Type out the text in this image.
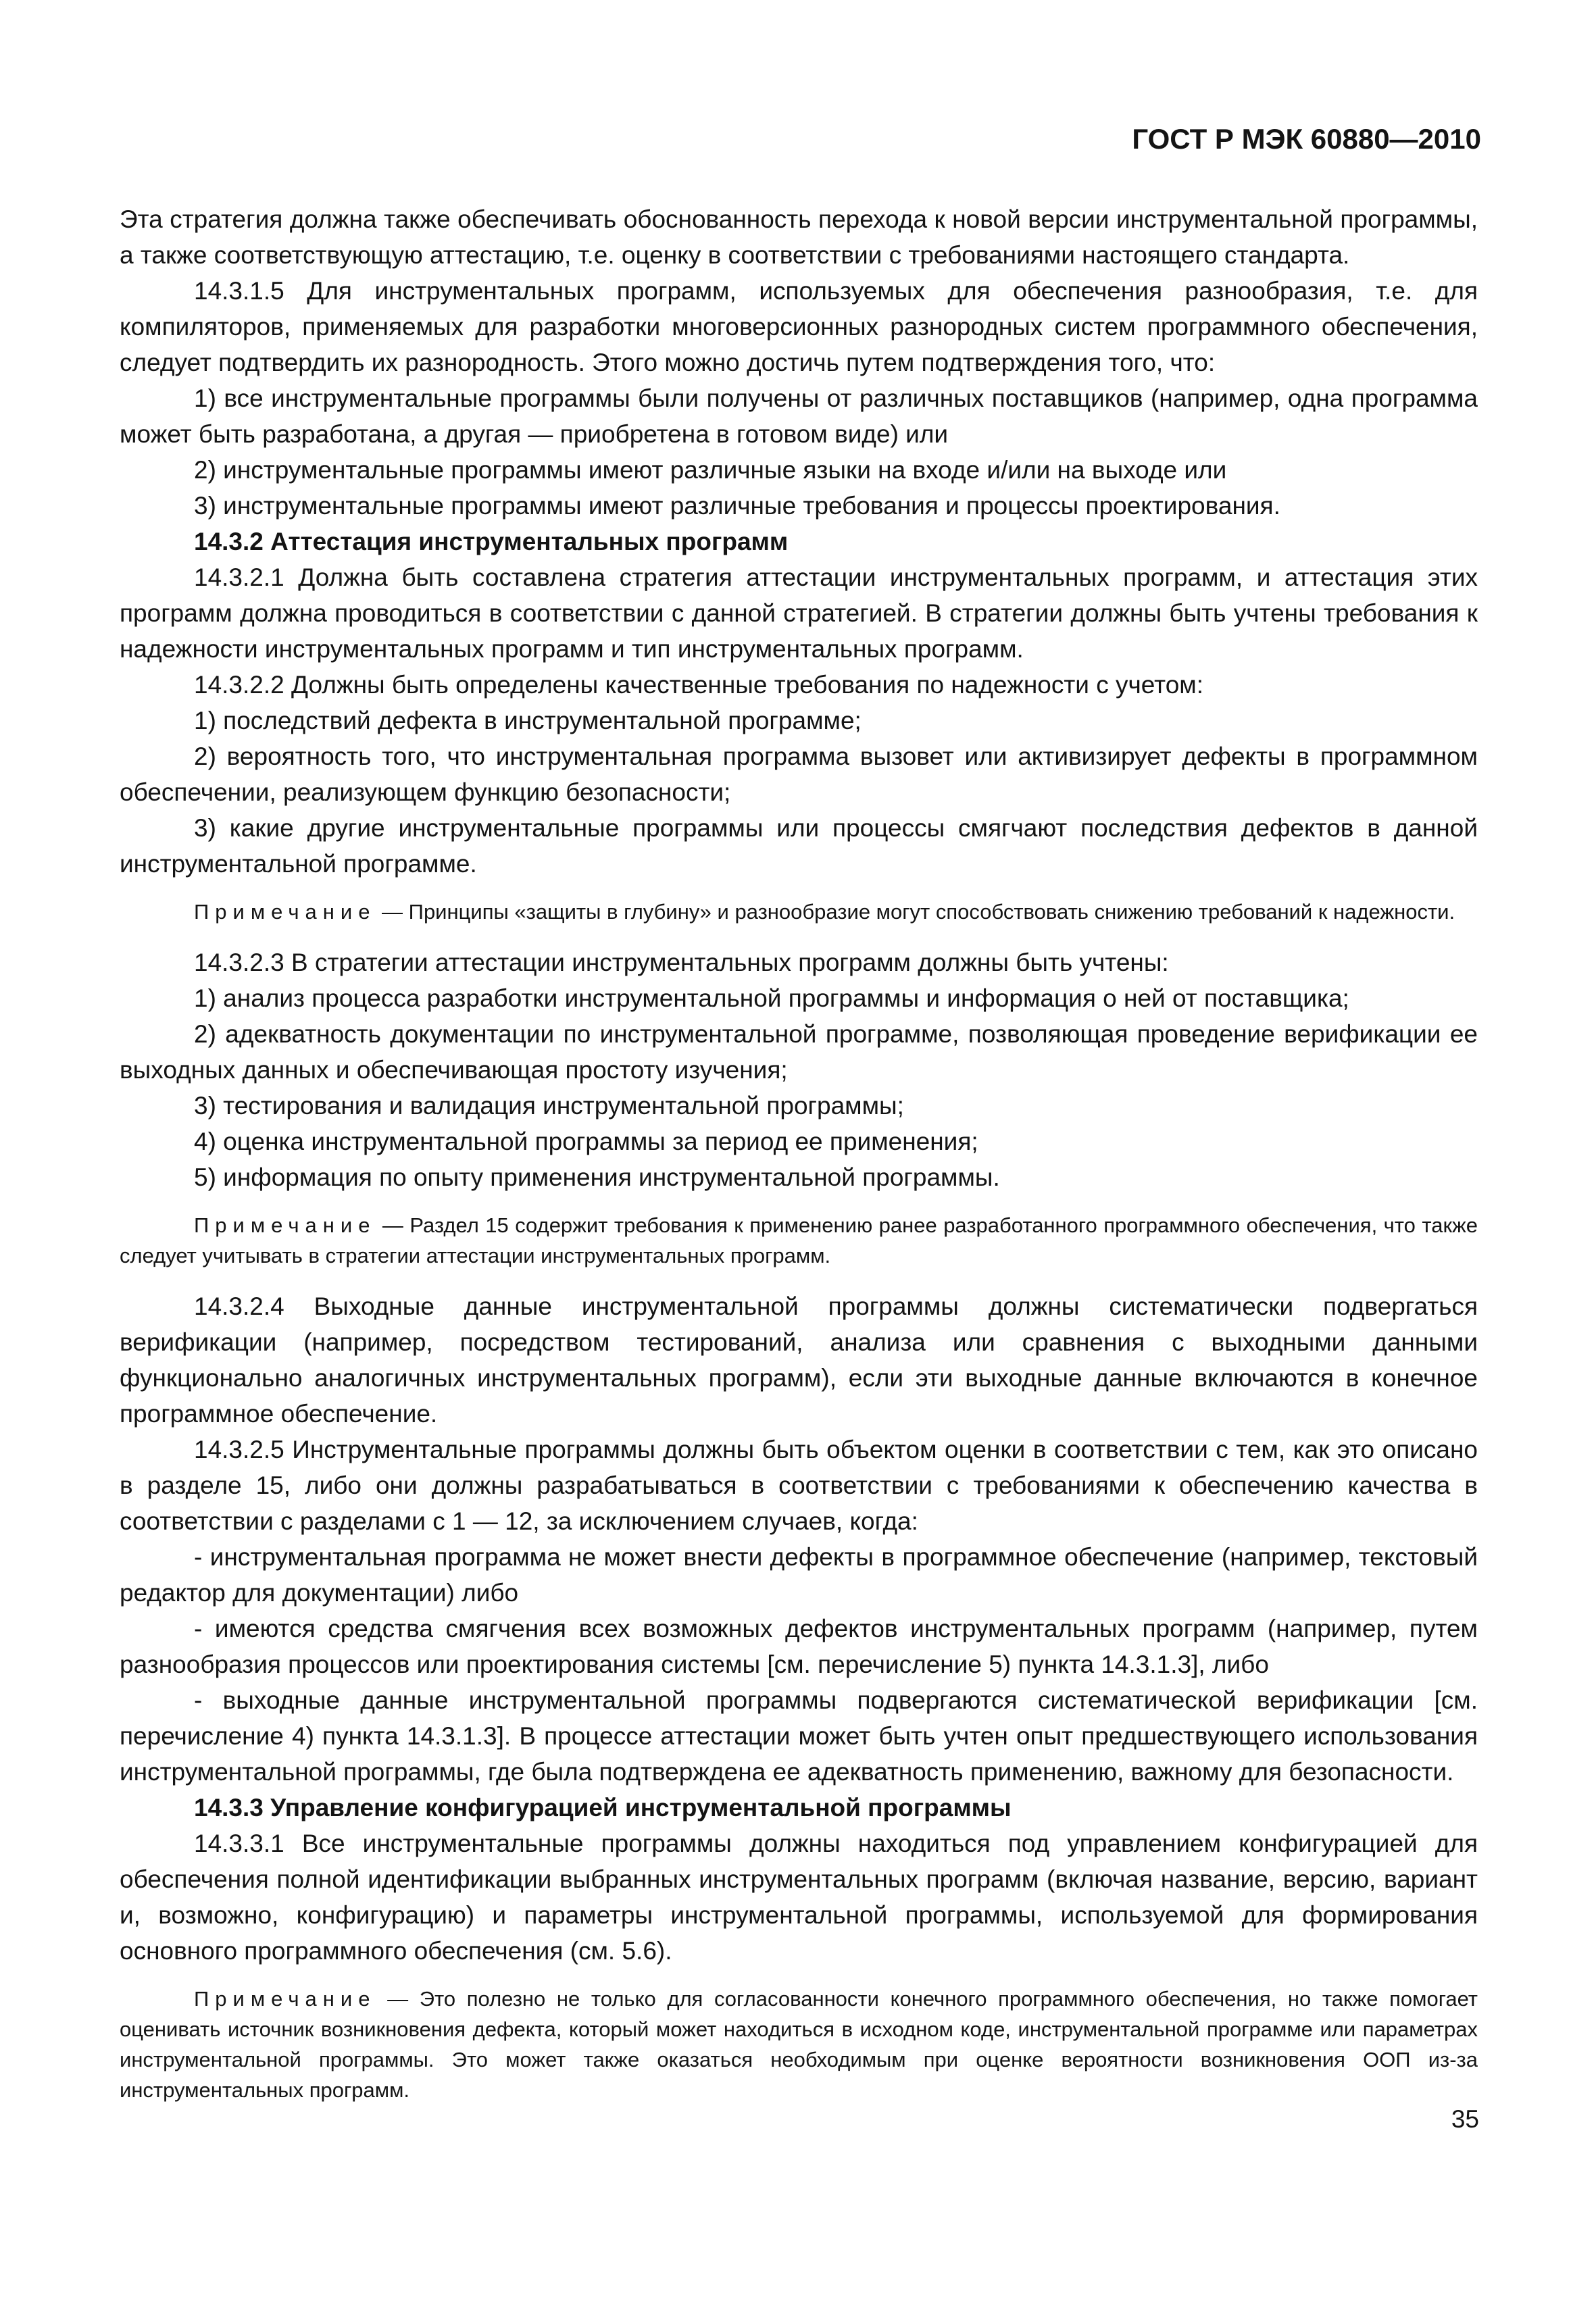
ГОСТ Р МЭК 60880—2010

Эта стратегия должна также обеспечивать обоснованность перехода к новой версии инструментальной программы, а также соответствующую аттестацию, т.е. оценку в соответствии с требованиями настоящего стандарта.

14.3.1.5 Для инструментальных программ, используемых для обеспечения разнообразия, т.е. для компиляторов, применяемых для разработки многоверсионных разнородных систем программного обеспечения, следует подтвердить их разнородность. Этого можно достичь путем подтверждения того, что:

1) все инструментальные программы были получены от различных поставщиков (например, одна программа может быть разработана, а другая — приобретена в готовом виде) или

2) инструментальные программы имеют различные языки на входе и/или на выходе или

3) инструментальные программы имеют различные требования и процессы проектирования.

14.3.2 Аттестация инструментальных программ

14.3.2.1 Должна быть составлена стратегия аттестации инструментальных программ, и аттестация этих программ должна проводиться в соответствии с данной стратегией. В стратегии должны быть учтены требования к надежности инструментальных программ и тип инструментальных программ.

14.3.2.2 Должны быть определены качественные требования по надежности с учетом:

1) последствий дефекта в инструментальной программе;

2) вероятность того, что инструментальная программа вызовет или активизирует дефекты в программном обеспечении, реализующем функцию безопасности;

3) какие другие инструментальные программы или процессы смягчают последствия дефектов в данной инструментальной программе.

Примечание — Принципы «защиты в глубину» и разнообразие могут способствовать снижению требований к надежности.

14.3.2.3 В стратегии аттестации инструментальных программ должны быть учтены:

1) анализ процесса разработки инструментальной программы и информация о ней от поставщика;

2) адекватность документации по инструментальной программе, позволяющая проведение верификации ее выходных данных и обеспечивающая простоту изучения;

3) тестирования и валидация инструментальной программы;

4) оценка инструментальной программы за период ее применения;

5) информация по опыту применения инструментальной программы.

Примечание — Раздел 15 содержит требования к применению ранее разработанного программного обеспечения, что также следует учитывать в стратегии аттестации инструментальных программ.

14.3.2.4 Выходные данные инструментальной программы должны систематически подвергаться верификации (например, посредством тестирований, анализа или сравнения с выходными данными функционально аналогичных инструментальных программ), если эти выходные данные включаются в конечное программное обеспечение.

14.3.2.5 Инструментальные программы должны быть объектом оценки в соответствии с тем, как это описано в разделе 15, либо они должны разрабатываться в соответствии с требованиями к обеспечению качества в соответствии с разделами с 1 — 12, за исключением случаев, когда:

- инструментальная программа не может внести дефекты в программное обеспечение (например, текстовый редактор для документации) либо

- имеются средства смягчения всех возможных дефектов инструментальных программ (например, путем разнообразия процессов или проектирования системы [см. перечисление 5) пункта 14.3.1.3], либо

- выходные данные инструментальной программы подвергаются систематической верификации [см. перечисление 4) пункта 14.3.1.3]. В процессе аттестации может быть учтен опыт предшествующего использования инструментальной программы, где была подтверждена ее адекватность применению, важному для безопасности.

14.3.3 Управление конфигурацией инструментальной программы

14.3.3.1 Все инструментальные программы должны находиться под управлением конфигурацией для обеспечения полной идентификации выбранных инструментальных программ (включая название, версию, вариант и, возможно, конфигурацию) и параметры инструментальной программы, используемой для формирования основного программного обеспечения (см. 5.6).

Примечание — Это полезно не только для согласованности конечного программного обеспечения, но также помогает оценивать источник возникновения дефекта, который может находиться в исходном коде, инструментальной программе или параметрах инструментальной программы. Это может также оказаться необходимым при оценке вероятности возникновения ООП из-за инструментальных программ.

35
